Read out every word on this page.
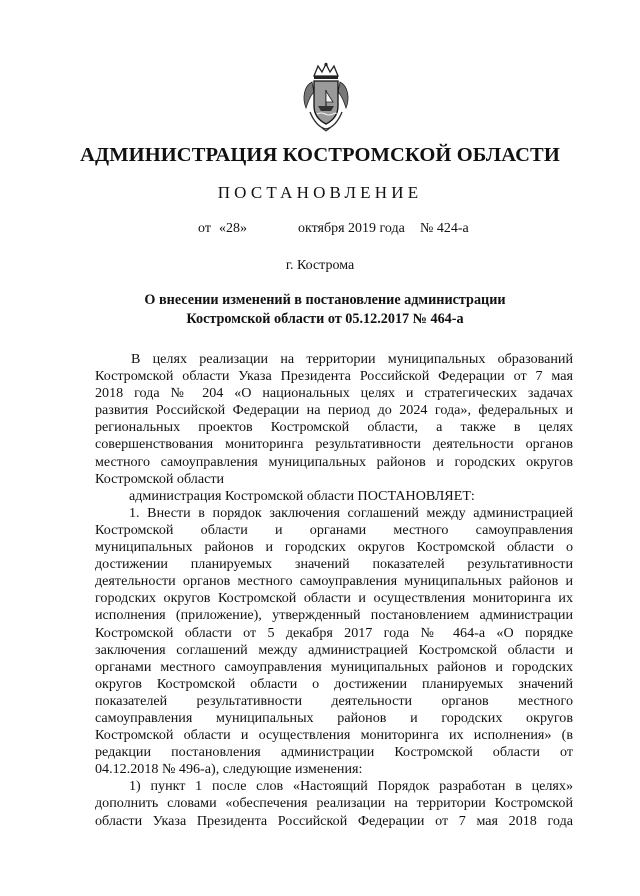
АДМИНИСТРАЦИЯ КОСТРОМСКОЙ ОБЛАСТИ
ПОСТАНОВЛЕНИЕ
от «28»	октября 2019 года № 424-а
г. Кострома
О внесении изменений в постановление администрации
Костромской области от 05.12.2017 № 464-а
В целях реализации на территории муниципальных образований
Костромской области Указа Президента Российской Федерации от 7 мая
2018 года № 204 «О национальных целях и стратегических задачах
развития Российской Федерации на период до 2024 года», федеральных и
региональных проектов Костромской области, а также в целях
совершенствования мониторинга результативности деятельности органов
местного самоуправления муниципальных районов и городских округов
Костромской области
администрация Костромской области ПОСТАНОВЛЯЕТ:
1. Внести в порядок заключения соглашений между администрацией
Костромской области и органами местного самоуправления
муниципальных районов и городских округов Костромской области о
достижении планируемых значений показателей результативности
деятельности органов местного самоуправления муниципальных районов и
городских округов Костромской области и осуществления мониторинга их
исполнения (приложение), утвержденный постановлением администрации
Костромской области от 5 декабря 2017 года № 464-а «О порядке
заключения соглашений между администрацией Костромской области и
органами местного самоуправления муниципальных районов и городских
округов Костромской области о достижении планируемых значений
показателей результативности деятельности органов местного
самоуправления муниципальных районов и городских округов
Костромской области и осуществления мониторинга их исполнения» (в
редакции постановления администрации Костромской области от
04.12.2018 № 496-а), следующие изменения:
1) пункт 1 после слов «Настоящий Порядок разработан в целях»
дополнить словами «обеспечения реализации на территории Костромской
области Указа Президента Российской Федерации от 7 мая 2018 года
